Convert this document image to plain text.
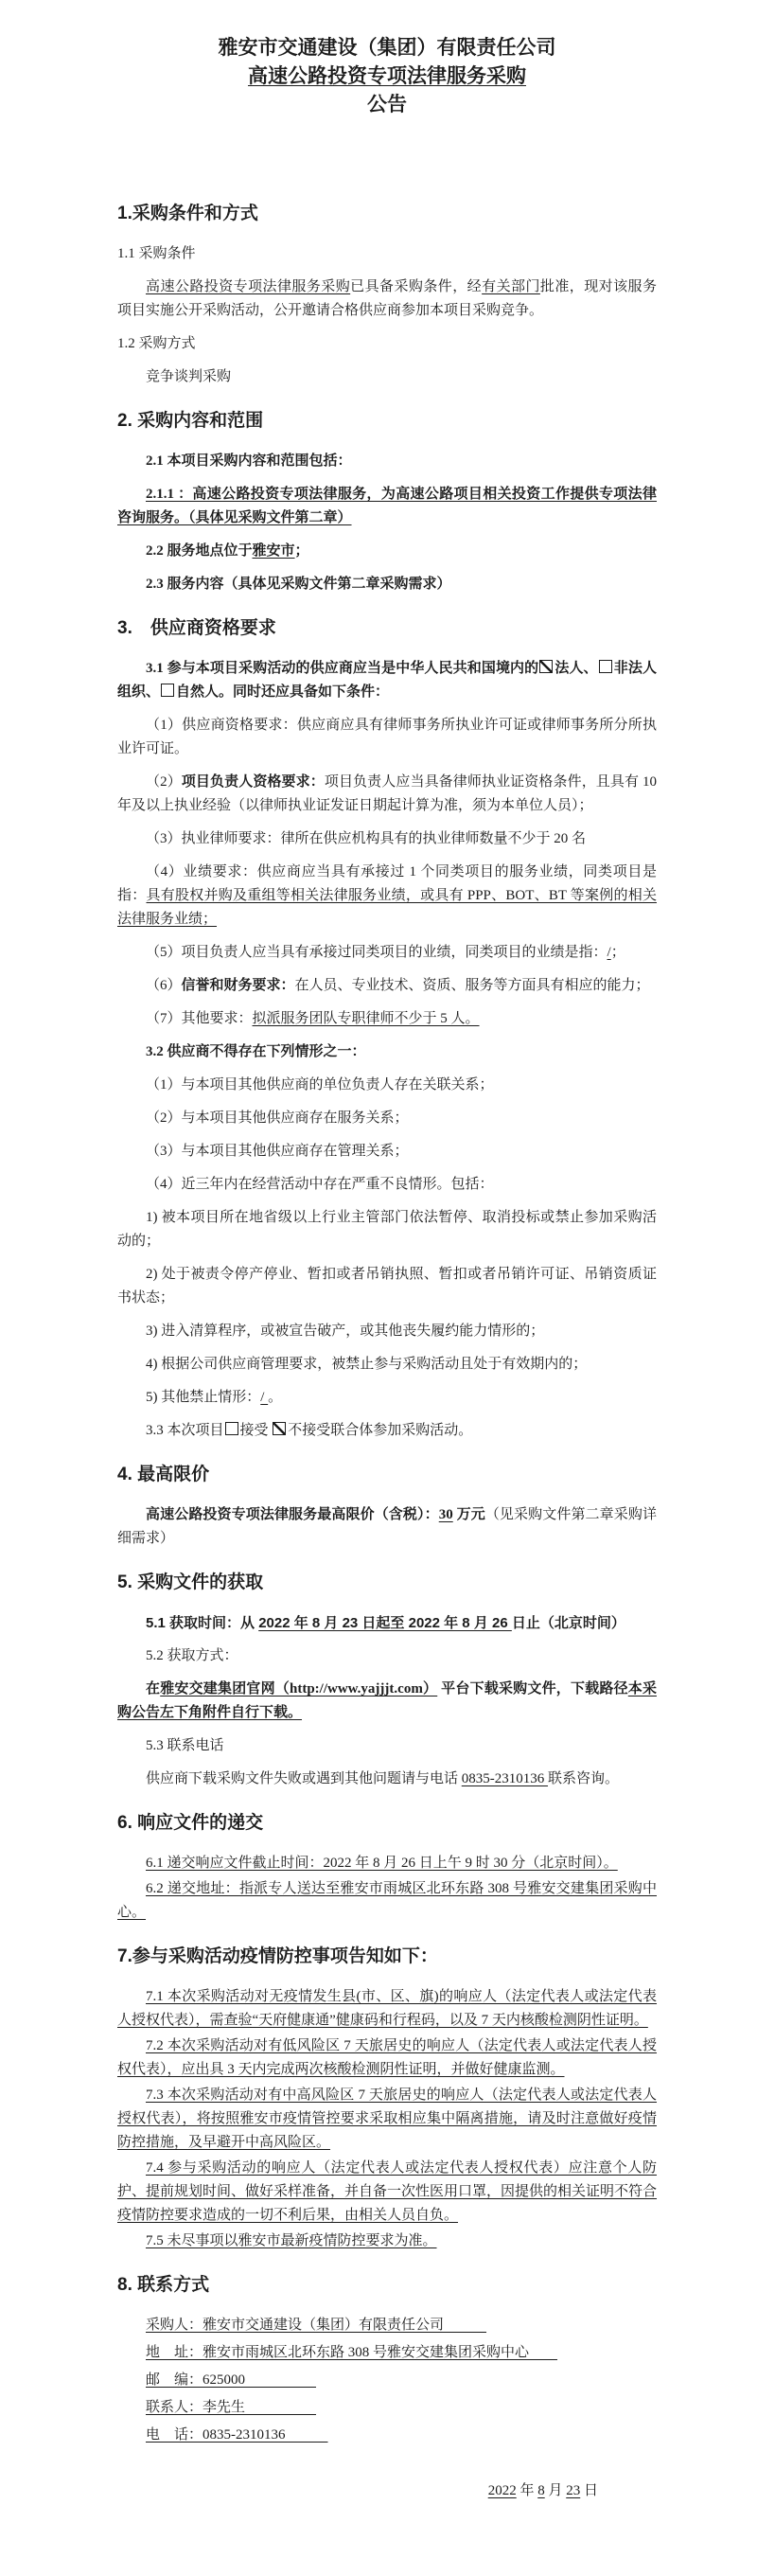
雅安市交通建设（集团）有限责任公司
高速公路投资专项法律服务采购
公告
1.采购条件和方式
1.1 采购条件
高速公路投资专项法律服务采购已具备采购条件，经有关部门批准，现对该服务项目实施公开采购活动，公开邀请合格供应商参加本项目采购竞争。
1.2 采购方式
竞争谈判采购
2. 采购内容和范围
2.1 本项目采购内容和范围包括：
2.1.1 ：高速公路投资专项法律服务，为高速公路项目相关投资工作提供专项法律咨询服务。（具体见采购文件第二章）
2.2 服务地点位于雅安市；
2.3 服务内容（具体见采购文件第二章采购需求）
3.　供应商资格要求
3.1 参与本项目采购活动的供应商应当是中华人民共和国境内的 法人、 非法人组织、 自然人。同时还应具备如下条件：
（1）供应商资格要求：供应商应具有律师事务所执业许可证或律师事务所分所执业许可证。
（2）项目负责人资格要求：项目负责人应当具备律师执业证资格条件，且具有 10 年及以上执业经验（以律师执业证发证日期起计算为准，须为本单位人员）；
（3）执业律师要求：律所在供应机构具有的执业律师数量不少于 20 名
（4）业绩要求：供应商应当具有承接过 1 个同类项目的服务业绩，同类项目是指：具有股权并购及重组等相关法律服务业绩，或具有 PPP、BOT、BT 等案例的相关法律服务业绩；
（5）项目负责人应当具有承接过同类项目的业绩，同类项目的业绩是指：/；
（6）信誉和财务要求：在人员、专业技术、资质、服务等方面具有相应的能力；
（7）其他要求：拟派服务团队专职律师不少于 5 人。
3.2 供应商不得存在下列情形之一：
（1）与本项目其他供应商的单位负责人存在关联关系；
（2）与本项目其他供应商存在服务关系；
（3）与本项目其他供应商存在管理关系；
（4）近三年内在经营活动中存在严重不良情形。包括：
1) 被本项目所在地省级以上行业主管部门依法暂停、取消投标或禁止参加采购活动的；
2) 处于被责令停产停业、暂扣或者吊销执照、暂扣或者吊销许可证、吊销资质证书状态；
3) 进入清算程序，或被宣告破产，或其他丧失履约能力情形的；
4) 根据公司供应商管理要求，被禁止参与采购活动且处于有效期内的；
5) 其他禁止情形：/ 。
3.3 本次项目 接受 不接受联合体参加采购活动。
4. 最高限价
高速公路投资专项法律服务最高限价（含税）：30 万元（见采购文件第二章采购详细需求）
5. 采购文件的获取
5.1 获取时间：从 2022 年 8 月 23 日起至 2022 年 8 月 26 日止（北京时间）
5.2 获取方式：
在雅安交建集团官网（http://www.yajjjt.com） 平台下载采购文件，下载路径本采购公告左下角附件自行下载。
5.3 联系电话
供应商下载采购文件失败或遇到其他问题请与电话 0835-2310136 联系咨询。
6. 响应文件的递交
6.1 递交响应文件截止时间：2022 年 8 月 26 日上午 9 时 30 分（北京时间）。
6.2 递交地址：指派专人送达至雅安市雨城区北环东路 308 号雅安交建集团采购中心。
7.参与采购活动疫情防控事项告知如下：
7.1 本次采购活动对无疫情发生县(市、区、旗)的响应人（法定代表人或法定代表人授权代表），需查验“天府健康通”健康码和行程码，以及 7 天内核酸检测阴性证明。
7.2 本次采购活动对有低风险区 7 天旅居史的响应人（法定代表人或法定代表人授权代表），应出具 3 天内完成两次核酸检测阴性证明，并做好健康监测。
7.3 本次采购活动对有中高风险区 7 天旅居史的响应人（法定代表人或法定代表人授权代表），将按照雅安市疫情管控要求采取相应集中隔离措施，请及时注意做好疫情防控措施，及早避开中高风险区。
7.4 参与采购活动的响应人（法定代表人或法定代表人授权代表）应注意个人防护、提前规划时间、做好采样准备，并自备一次性医用口罩，因提供的相关证明不符合疫情防控要求造成的一切不利后果，由相关人员自负。
7.5 未尽事项以雅安市最新疫情防控要求为准。
8. 联系方式
采购人：雅安市交通建设（集团）有限责任公司　　　
地　址：雅安市雨城区北环东路 308 号雅安交建集团采购中心　　
邮　编：625000　　　　　
联系人：李先生　　　　　
电　话：0835-2310136　　　
2022 年 8 月 23 日
